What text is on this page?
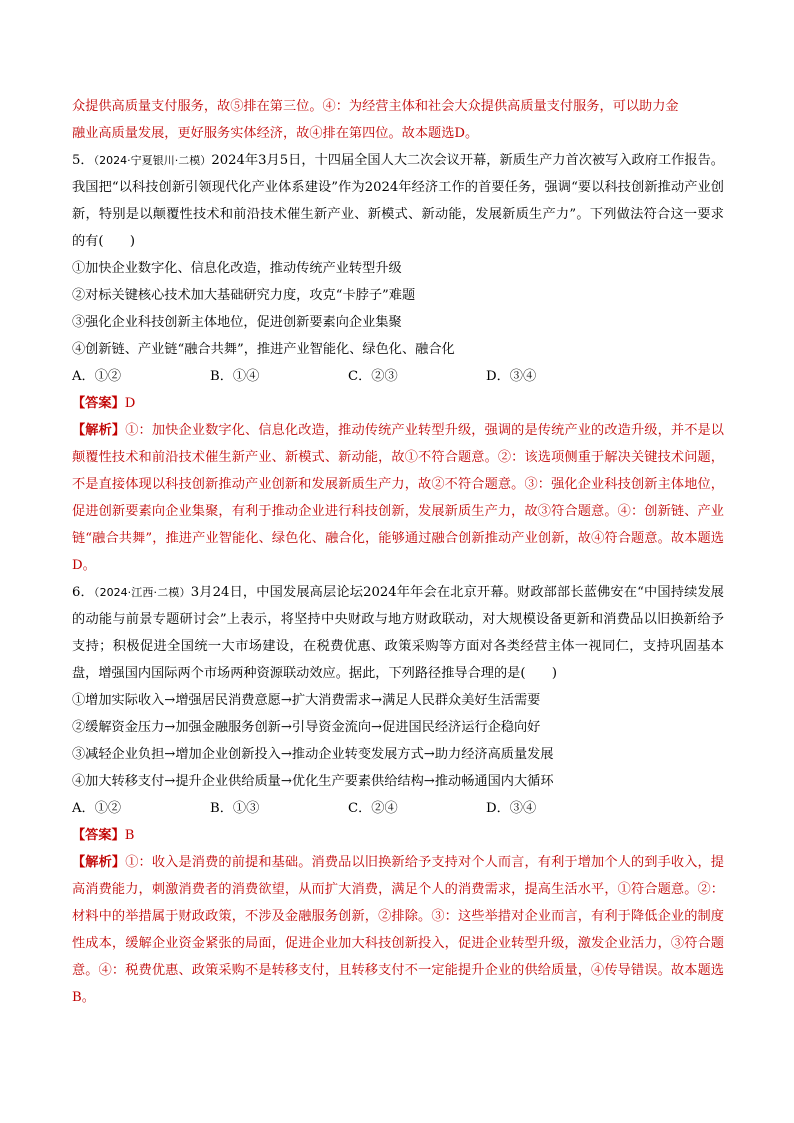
众提供高质量支付服务，故⑤排在第三位。④：为经营主体和社会大众提供高质量支付服务，可以助力金
融业高质量发展，更好服务实体经济，故④排在第四位。故本题选D。

5．（2024·宁夏银川·二模）2024年3月5日，十四届全国人大二次会议开幕，新质生产力首次被写入政府工作报告。我国把“以科技创新引领现代化产业体系建设”作为2024年经济工作的首要任务，强调“要以科技创新推动产业创新，特别是以颠覆性技术和前沿技术催生新产业、新模式、新动能，发展新质生产力”。下列做法符合这一要求的有(　　)

①加快企业数字化、信息化改造，推动传统产业转型升级

②对标关键核心技术加大基础研究力度，攻克“卡脖子”难题

③强化企业科技创新主体地位，促进创新要素向企业集聚

④创新链、产业链“融合共舞”，推进产业智能化、绿色化、融合化

A．①②	B．①④	C．②③	D．③④

【答案】D

【解析】①：加快企业数字化、信息化改造，推动传统产业转型升级，强调的是传统产业的改造升级，并不是以颠覆性技术和前沿技术催生新产业、新模式、新动能，故①不符合题意。②：该选项侧重于解决关键技术问题，不是直接体现以科技创新推动产业创新和发展新质生产力，故②不符合题意。③：强化企业科技创新主体地位，促进创新要素向企业集聚，有利于推动企业进行科技创新，发展新质生产力，故③符合题意。④：创新链、产业链“融合共舞”，推进产业智能化、绿色化、融合化，能够通过融合创新推动产业创新，故④符合题意。故本题选D。

6．（2024·江西·二模）3月24日，中国发展高层论坛2024年年会在北京开幕。财政部部长蓝佛安在“中国持续发展的动能与前景专题研讨会”上表示，将坚持中央财政与地方财政联动，对大规模设备更新和消费品以旧换新给予支持；积极促进全国统一大市场建设，在税费优惠、政策采购等方面对各类经营主体一视同仁，支持巩固基本盘，增强国内国际两个市场两种资源联动效应。据此，下列路径推导合理的是(　　)

①增加实际收入→增强居民消费意愿→扩大消费需求→满足人民群众美好生活需要

②缓解资金压力→加强金融服务创新→引导资金流向→促进国民经济运行企稳向好

③减轻企业负担→增加企业创新投入→推动企业转变发展方式→助力经济高质量发展

④加大转移支付→提升企业供给质量→优化生产要素供给结构→推动畅通国内大循环

A．①②	B．①③	C．②④	D．③④

【答案】B

【解析】①：收入是消费的前提和基础。消费品以旧换新给予支持对个人而言，有利于增加个人的到手收入，提高消费能力，刺激消费者的消费欲望，从而扩大消费，满足个人的消费需求，提高生活水平，①符合题意。②：材料中的举措属于财政政策，不涉及金融服务创新，②排除。③：这些举措对企业而言，有利于降低企业的制度性成本，缓解企业资金紧张的局面，促进企业加大科技创新投入，促进企业转型升级，激发企业活力，③符合题意。④：税费优惠、政策采购不是转移支付，且转移支付不一定能提升企业的供给质量，④传导错误。故本题选B。
